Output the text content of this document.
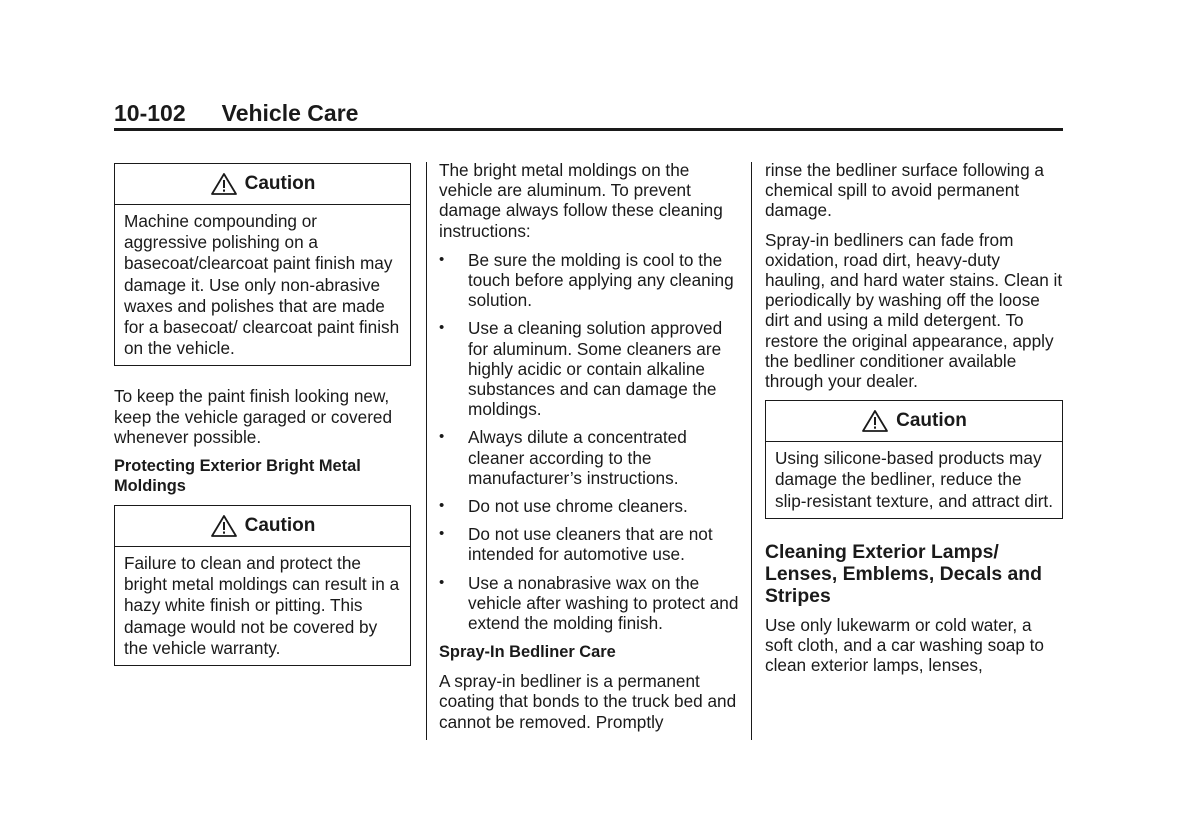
10-102 Vehicle Care
Caution
Machine compounding or aggressive polishing on a basecoat/clearcoat paint finish may damage it. Use only non-abrasive waxes and polishes that are made for a basecoat/ clearcoat paint finish on the vehicle.

To keep the paint finish looking new, keep the vehicle garaged or covered whenever possible.

Protecting Exterior Bright Metal Moldings
Caution
Failure to clean and protect the bright metal moldings can result in a hazy white finish or pitting. This damage would not be covered by the vehicle warranty.

The bright metal moldings on the vehicle are aluminum. To prevent damage always follow these cleaning instructions:

• Be sure the molding is cool to the touch before applying any cleaning solution.
• Use a cleaning solution approved for aluminum. Some cleaners are highly acidic or contain alkaline substances and can damage the moldings.
• Always dilute a concentrated cleaner according to the manufacturer’s instructions.
• Do not use chrome cleaners.
• Do not use cleaners that are not intended for automotive use.
• Use a nonabrasive wax on the vehicle after washing to protect and extend the molding finish.
Spray-In Bedliner Care

A spray-in bedliner is a permanent coating that bonds to the truck bed and cannot be removed. Promptly

rinse the bedliner surface following a chemical spill to avoid permanent damage.

Spray-in bedliners can fade from oxidation, road dirt, heavy-duty hauling, and hard water stains. Clean it periodically by washing off the loose dirt and using a mild detergent. To restore the original appearance, apply the bedliner conditioner available through your dealer.

Caution
Using silicone-based products may damage the bedliner, reduce the slip-resistant texture, and attract dirt.
Cleaning Exterior Lamps/ Lenses, Emblems, Decals and Stripes

Use only lukewarm or cold water, a soft cloth, and a car washing soap to clean exterior lamps, lenses,
